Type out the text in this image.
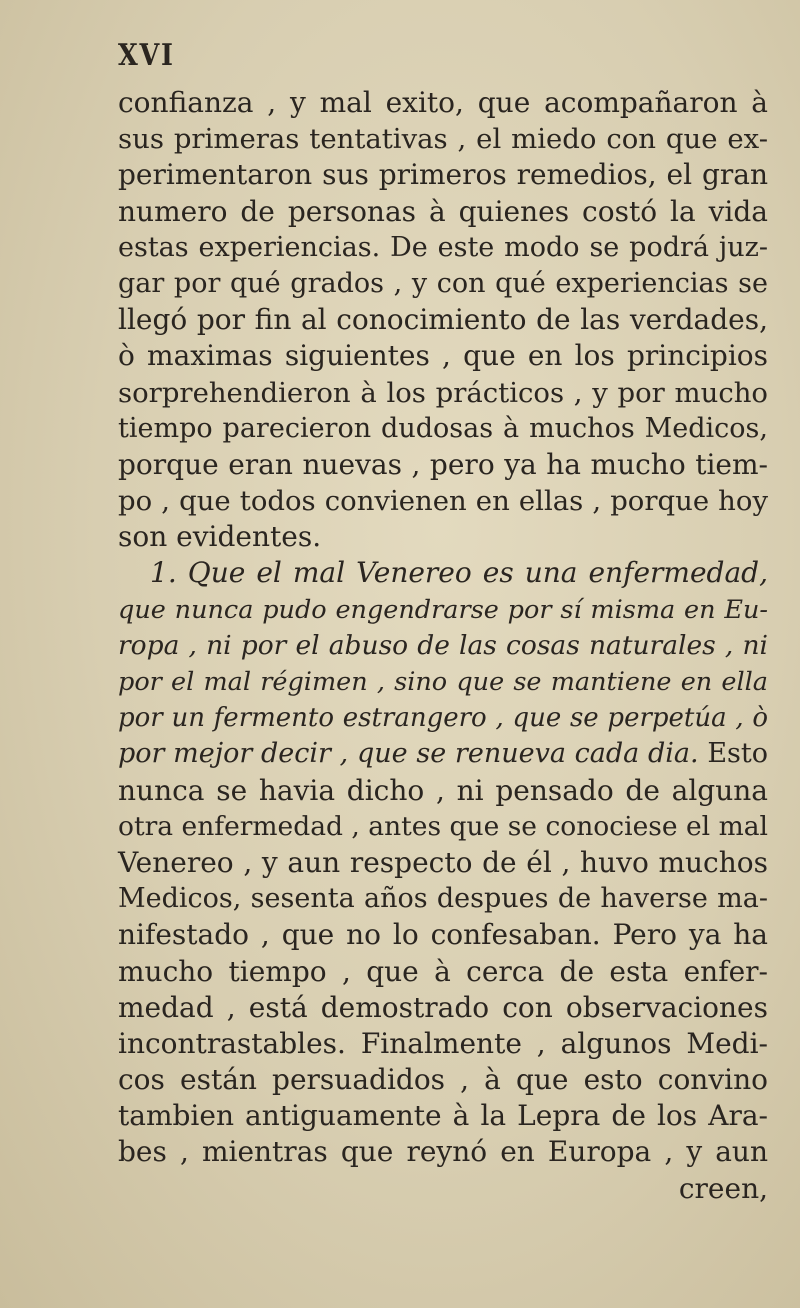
XVI
confianza , y mal exito, que acompañaron à
sus primeras tentativas , el miedo con que ex-
perimentaron sus primeros remedios, el gran
numero de personas à quienes costó la vida
estas experiencias. De este modo se podrá juz-
gar por qué grados , y con qué experiencias se
llegó por fin al conocimiento de las verdades,
ò maximas siguientes , que en los principios
sorprehendieron à los prácticos , y por mucho
tiempo parecieron dudosas à muchos Medicos,
porque eran nuevas , pero ya ha mucho tiem-
po , que todos convienen en ellas , porque hoy
son evidentes.
1. Que el mal Venereo es una enfermedad,
que nunca pudo engendrarse por sí misma en Eu-
ropa , ni por el abuso de las cosas naturales , ni
por el mal régimen , sino que se mantiene en ella
por un fermento estrangero , que se perpetúa , ò
por mejor decir , que se renueva cada dia. Esto
nunca se havia dicho , ni pensado de alguna
otra enfermedad , antes que se conociese el mal
Venereo , y aun respecto de él , huvo muchos
Medicos, sesenta años despues de haverse ma-
nifestado , que no lo confesaban. Pero ya ha
mucho tiempo , que à cerca de esta enfer-
medad , está demostrado con observaciones
incontrastables. Finalmente , algunos Medi-
cos están persuadidos , à que esto convino
tambien antiguamente à la Lepra de los Ara-
bes , mientras que reynó en Europa , y aun
creen,
